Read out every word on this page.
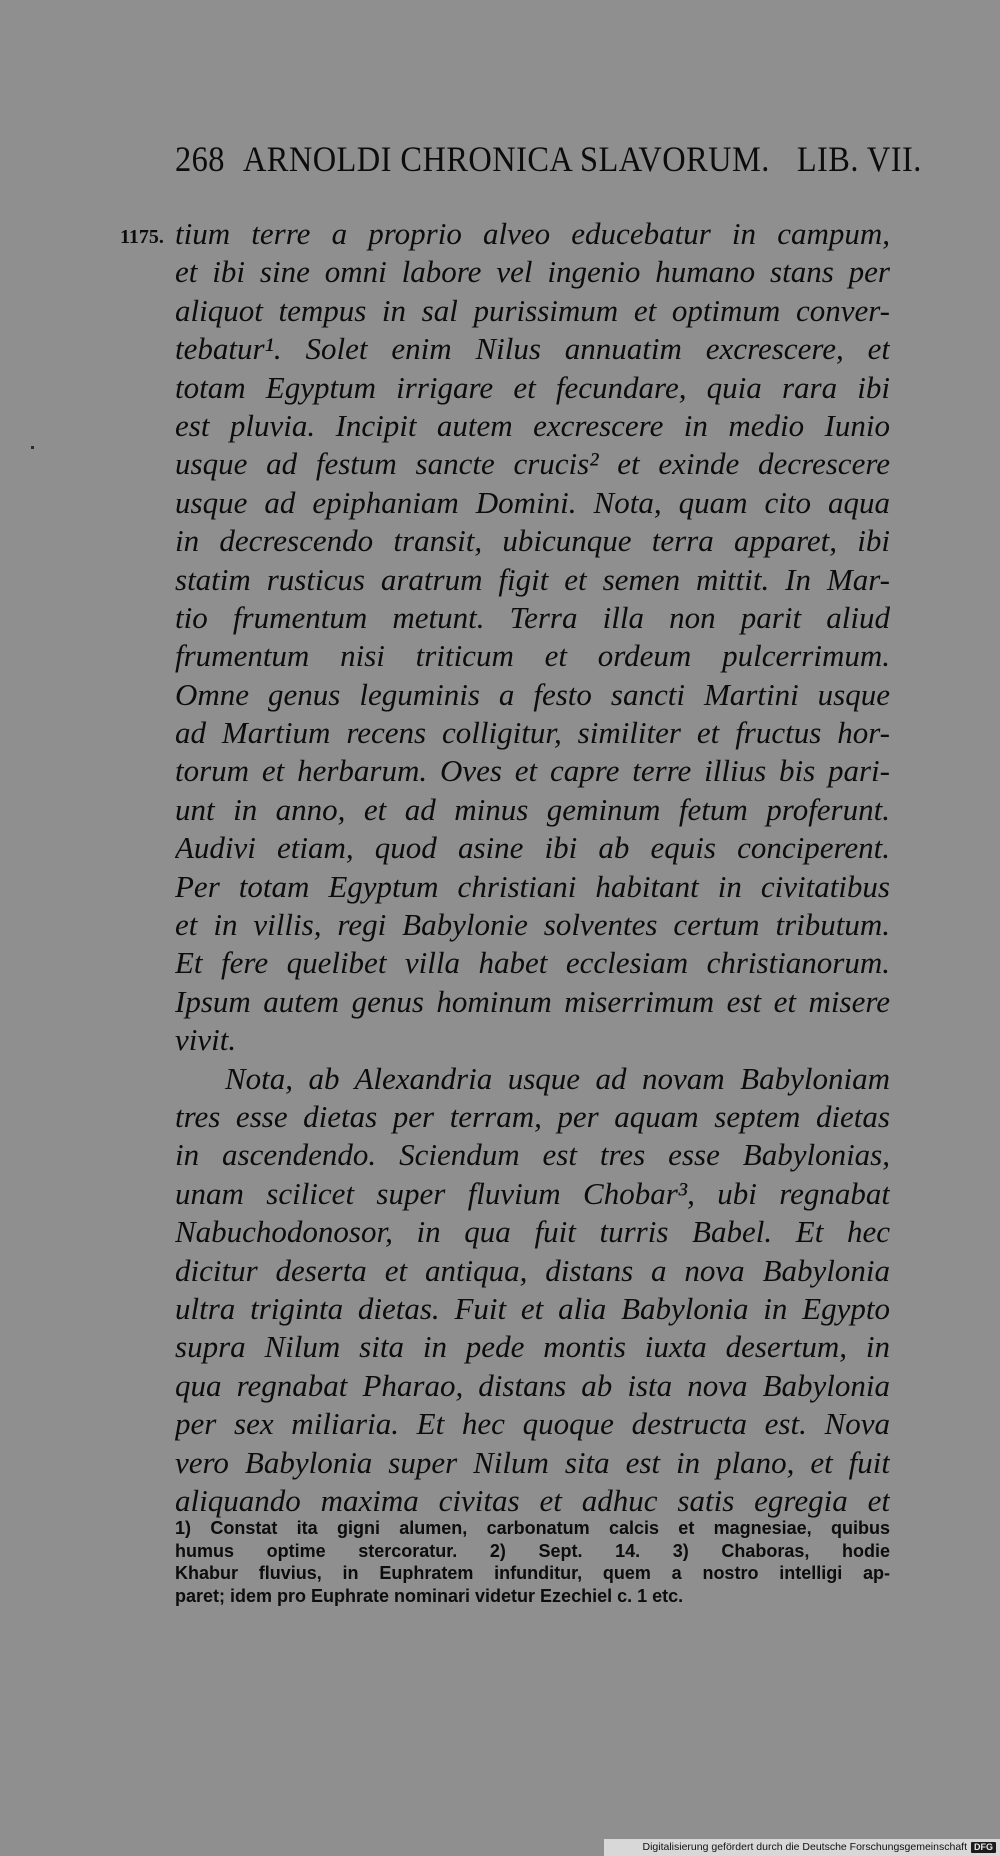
268 ARNOLDI CHRONICA SLAVORUM. LIB. VII.
1175. tium terre a proprio alveo educebatur in campum,
et ibi sine omni labore vel ingenio humano stans per
aliquot tempus in sal purissimum et optimum conver-
tebatur¹. Solet enim Nilus annuatim excrescere, et
totam Egyptum irrigare et fecundare, quia rara ibi
est pluvia. Incipit autem excrescere in medio Iunio
usque ad festum sancte crucis² et exinde decrescere
usque ad epiphaniam Domini. Nota, quam cito aqua
in decrescendo transit, ubicunque terra apparet, ibi
statim rusticus aratrum figit et semen mittit. In Mar-
tio frumentum metunt. Terra illa non parit aliud
frumentum nisi triticum et ordeum pulcerrimum.
Omne genus leguminis a festo sancti Martini usque
ad Martium recens colligitur, similiter et fructus hor-
torum et herbarum. Oves et capre terre illius bis pari-
unt in anno, et ad minus geminum fetum proferunt.
Audivi etiam, quod asine ibi ab equis conciperent.
Per totam Egyptum christiani habitant in civitatibus
et in villis, regi Babylonie solventes certum tributum.
Et fere quelibet villa habet ecclesiam christianorum.
Ipsum autem genus hominum miserrimum est et misere
vivit.
Nota, ab Alexandria usque ad novam Babyloniam
tres esse dietas per terram, per aquam septem dietas
in ascendendo. Sciendum est tres esse Babylonias,
unam scilicet super fluvium Chobar³, ubi regnabat
Nabuchodonosor, in qua fuit turris Babel. Et hec
dicitur deserta et antiqua, distans a nova Babylonia
ultra triginta dietas. Fuit et alia Babylonia in Egypto
supra Nilum sita in pede montis iuxta desertum, in
qua regnabat Pharao, distans ab ista nova Babylonia
per sex miliaria. Et hec quoque destructa est. Nova
vero Babylonia super Nilum sita est in plano, et fuit
aliquando maxima civitas et adhuc satis egregia et
1) Constat ita gigni alumen, carbonatum calcis et magnesiae, quibus
humus optime stercoratur. 2) Sept. 14. 3) Chaboras, hodie
Khabur fluvius, in Euphratem infunditur, quem a nostro intelligi ap-
paret; idem pro Euphrate nominari videtur Ezechiel c. 1 etc.
Digitalisierung gefördert durch die Deutsche Forschungsgemeinschaft DFG
